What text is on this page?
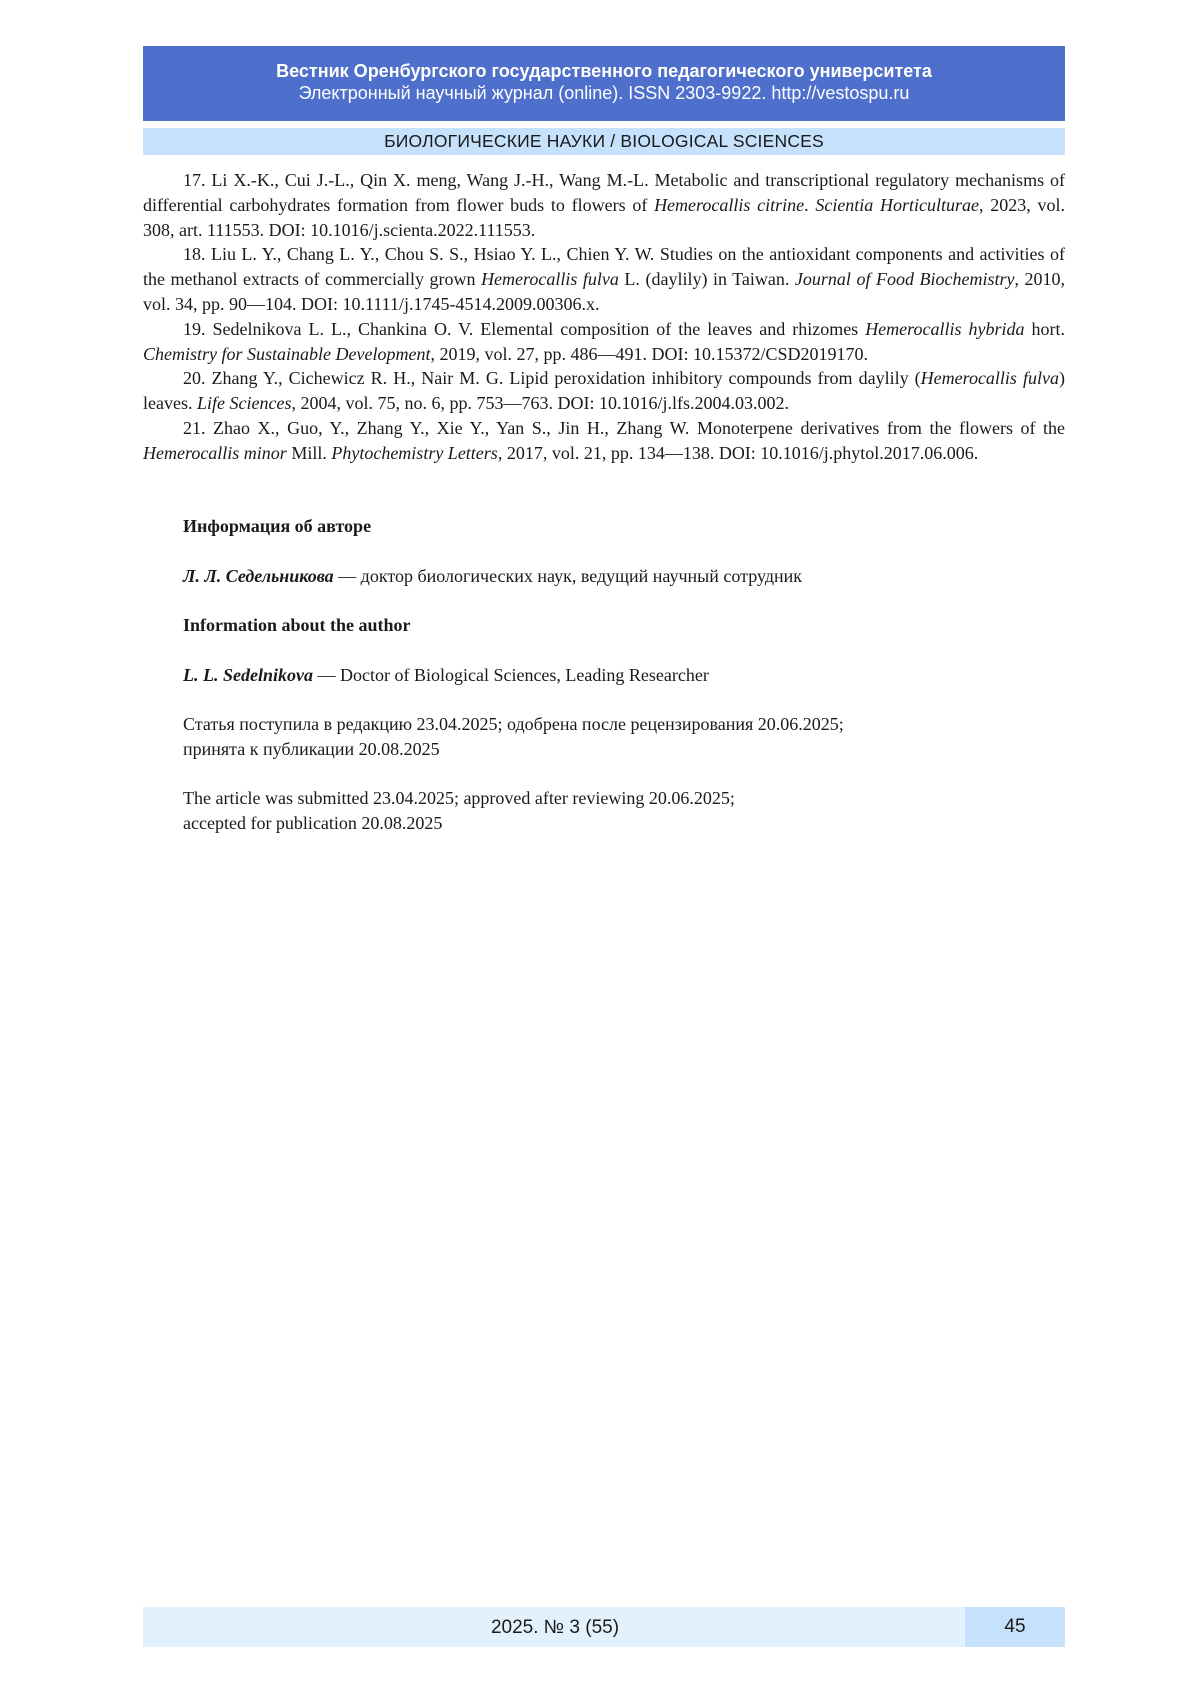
Вестник Оренбургского государственного педагогического университета
Электронный научный журнал (online). ISSN 2303-9922. http://vestospu.ru
БИОЛОГИЧЕСКИЕ НАУКИ / BIOLOGICAL SCIENCES

17. Li X.-K., Cui J.-L., Qin X. meng, Wang J.-H., Wang M.-L. Metabolic and transcriptional regulatory mechanisms of differential carbohydrates formation from flower buds to flowers of Hemerocallis citrine. Scientia Horticulturae, 2023, vol. 308, art. 111553. DOI: 10.1016/j.scienta.2022.111553.

18. Liu L. Y., Chang L. Y., Chou S. S., Hsiao Y. L., Chien Y. W. Studies on the antioxidant components and activities of the methanol extracts of commercially grown Hemerocallis fulva L. (daylily) in Taiwan. Journal of Food Biochemistry, 2010, vol. 34, pp. 90—104. DOI: 10.1111/j.1745-4514.2009.00306.x.

19. Sedelnikova L. L., Chankina O. V. Elemental composition of the leaves and rhizomes Hemerocallis hybrida hort. Chemistry for Sustainable Development, 2019, vol. 27, pp. 486—491. DOI: 10.15372/CSD2019170.

20. Zhang Y., Cichewicz R. H., Nair M. G. Lipid peroxidation inhibitory compounds from daylily (Hemerocallis fulva) leaves. Life Sciences, 2004, vol. 75, no. 6, pp. 753—763. DOI: 10.1016/j.lfs.2004.03.002.

21. Zhao X., Guo, Y., Zhang Y., Xie Y., Yan S., Jin H., Zhang W. Monoterpene derivatives from the flowers of the Hemerocallis minor Mill. Phytochemistry Letters, 2017, vol. 21, pp. 134—138. DOI: 10.1016/j.phytol.2017.06.006.

Информация об авторе
Л. Л. Седельникова — доктор биологических наук, ведущий научный сотрудник
Information about the author
L. L. Sedelnikova — Doctor of Biological Sciences, Leading Researcher
Статья поступила в редакцию 23.04.2025; одобрена после рецензирования 20.06.2025;
принята к публикации 20.08.2025
The article was submitted 23.04.2025; approved after reviewing 20.06.2025;
accepted for publication 20.08.2025
2025. № 3 (55)	45
